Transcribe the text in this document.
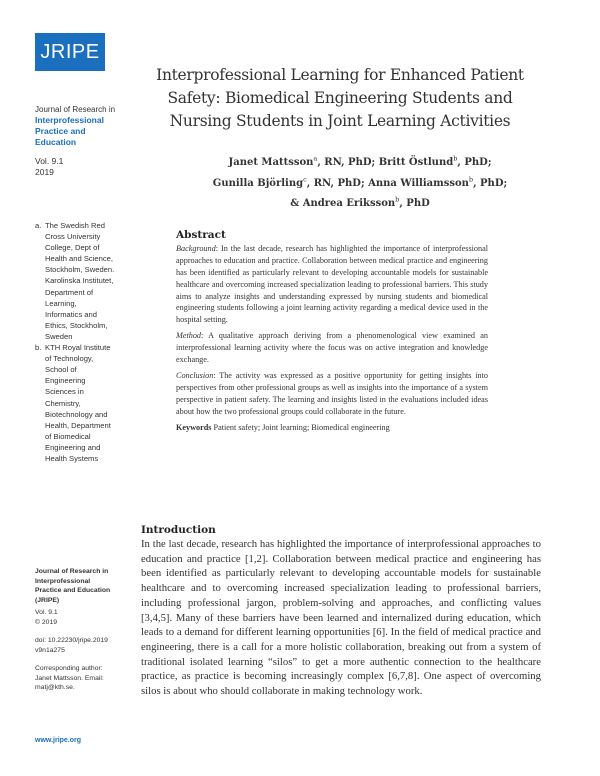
JRIPE
Journal of Research in
Interprofessional
Practice and
Education
Vol. 9.1
2019
a. The Swedish Red Cross University College, Dept of Health and Science, Stockholm, Sweden. Karolinska Institutet, Department of Learning, Informatics and Ethics, Stockholm, Sweden
b. KTH Royal Institute of Technology, School of Engineering Sciences in Chemistry, Biotechnology and Health, Department of Biomedical Engineering and Health Systems
Journal of Research in Interprofessional Practice and Education (JRIPE)
Vol. 9.1
© 2019
doi: 10.22230/jripe.2019 v9n1a275
Corresponding author: Janet Mattsson. Email: matj@kth.se.
www.jripe.org
Interprofessional Learning for Enhanced Patient Safety: Biomedical Engineering Students and Nursing Students in Joint Learning Activities
Janet Mattsson$^a$, RN, PhD; Britt Östlund$^b$, PhD;
Gunilla Björling$^c$, RN, PhD; Anna Williamsson$^b$, PhD;
& Andrea Eriksson$^b$, PhD
Abstract

Background: In the last decade, research has highlighted the importance of interprofessional approaches to education and practice. Collaboration between medical practice and engineering has been identified as particularly relevant to developing accountable models for sustainable healthcare and overcoming increased specialization leading to professional barriers. This study aims to analyze insights and understanding expressed by nursing students and biomedical engineering students following a joint learning activity regarding a medical device used in the hospital setting.

Method: A qualitative approach deriving from a phenomenological view examined an interprofessional learning activity where the focus was on active integration and knowledge exchange.

Conclusion: The activity was expressed as a positive opportunity for getting insights into perspectives from other professional groups as well as insights into the importance of a system perspective in patient safety. The learning and insights listed in the evaluations included ideas about how the two professional groups could collaborate in the future.

Keywords Patient safety; Joint learning; Biomedical engineering

Introduction

In the last decade, research has highlighted the importance of interprofessional approaches to education and practice [1,2]. Collaboration between medical practice and engineering has been identified as particularly relevant to developing accountable models for sustainable healthcare and to overcoming increased specialization leading to professional barriers, including professional jargon, problem-solving and approaches, and conflicting values [3,4,5]. Many of these barriers have been learned and internalized during education, which leads to a demand for different learning opportunities [6]. In the field of medical practice and engineering, there is a call for a more holistic collaboration, breaking out from a system of traditional isolated learning “silos” to get a more authentic connection to the healthcare practice, as practice is becoming increasingly complex [6,7,8]. One aspect of overcoming silos is about who should collaborate in making technology work.
